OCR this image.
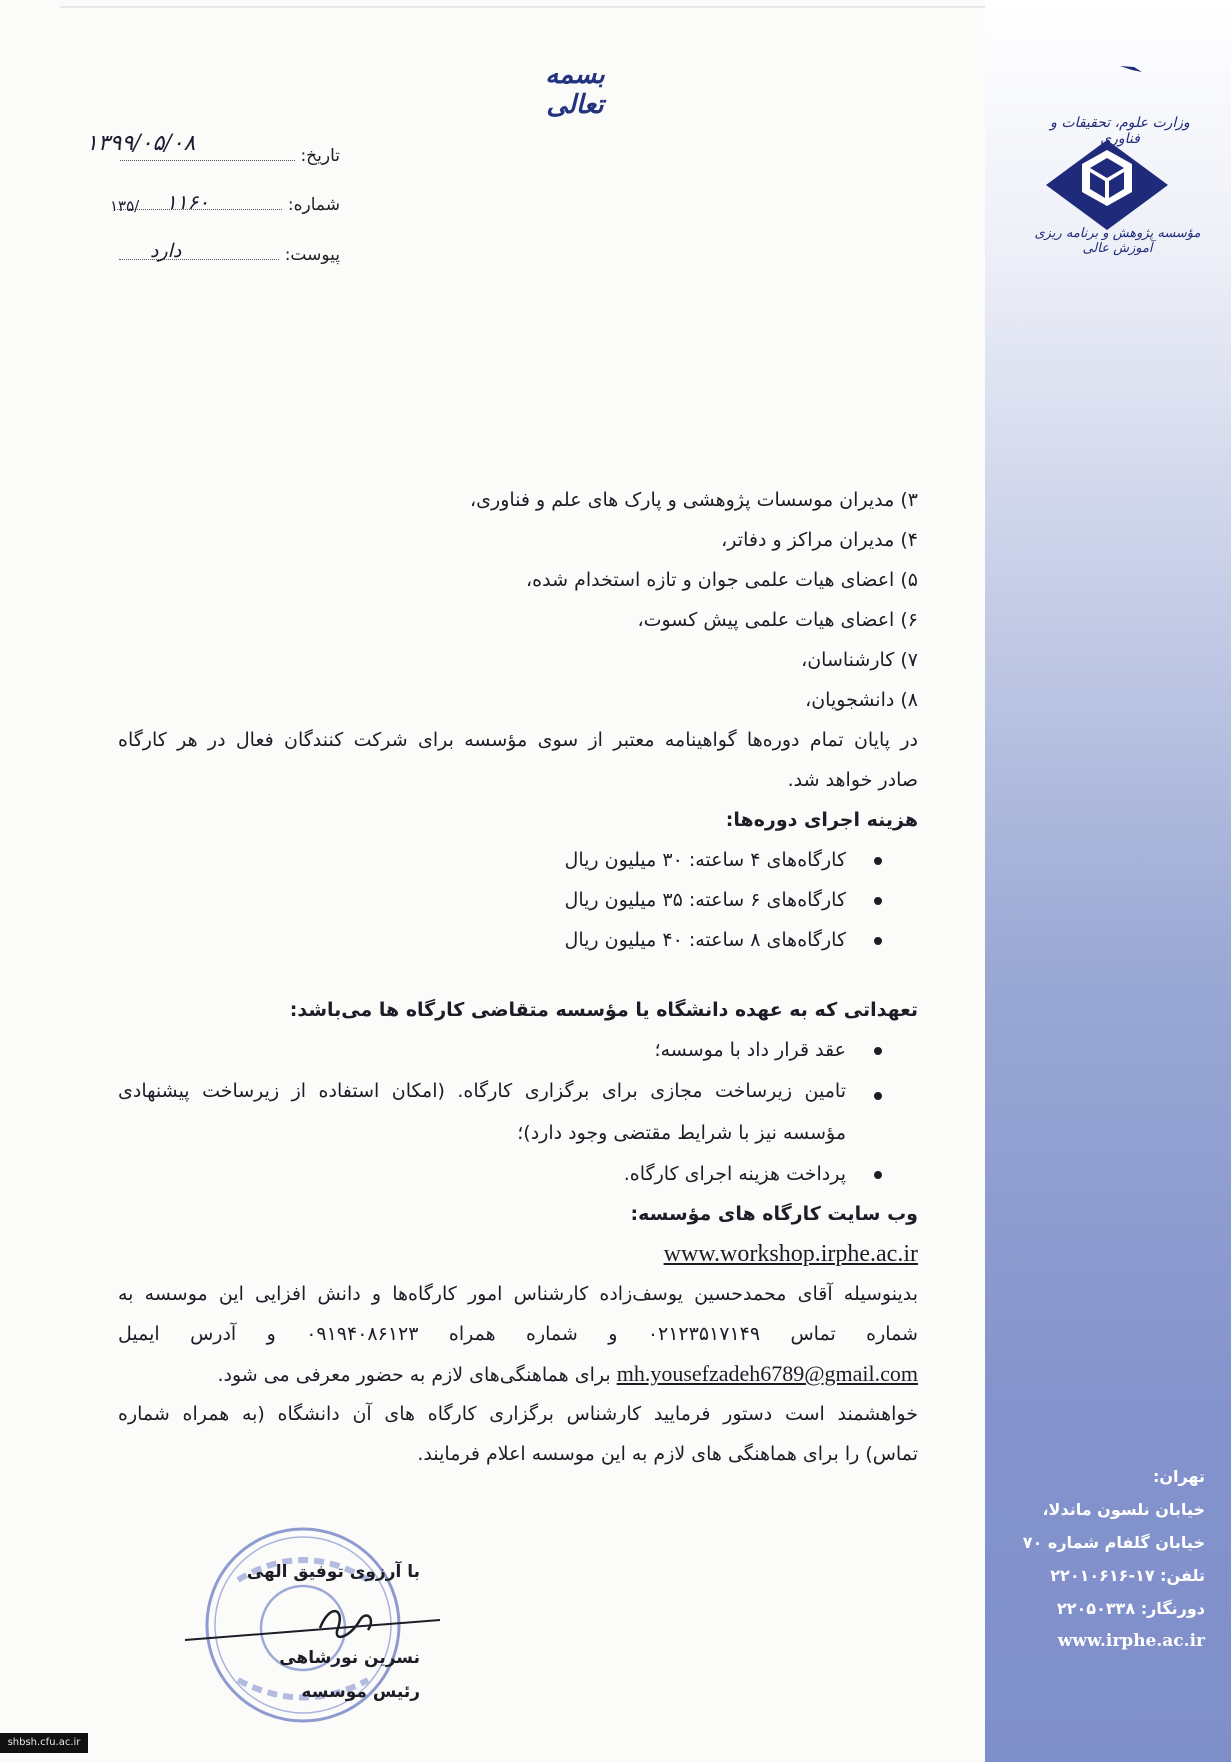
وزارت علوم، تحقیقات و فناوری
مؤسسه پژوهش و برنامه ریزی آموزش عالی
تهران:
خیابان نلسون ماندلا،
خیابان گلفام شماره ۷۰
تلفن: ۱۷-۲۲۰۱۰۶۱۶
دورنگار: ۲۲۰۵۰۳۳۸
www.irphe.ac.ir
بسمه تعالی
تاریخ:
۱۳۹۹/۰۵/۰۸
شماره:
۱۱۶۰
۱۳۵/
پیوست:
دارد
۳) مدیران موسسات پژوهشی و پارک های علم و فناوری،
۴) مدیران مراکز و دفاتر،
۵) اعضای هیات علمی جوان و تازه استخدام شده،
۶) اعضای هیات علمی پیش کسوت،
۷) کارشناسان،
۸) دانشجویان،
در پایان تمام دوره‌ها گواهینامه معتبر از سوی مؤسسه برای شرکت کنندگان فعال در هر کارگاه
صادر خواهد شد.
هزینه اجرای دوره‌ها:
کارگاه‌های ۴ ساعته: ۳۰ میلیون ریال
کارگاه‌های ۶ ساعته: ۳۵ میلیون ریال
کارگاه‌های ۸ ساعته: ۴۰ میلیون ریال
تعهداتی که به عهده دانشگاه یا مؤسسه متقاضی کارگاه ها می‌باشد:
عقد قرار داد با موسسه؛
تامین زیرساخت مجازی برای برگزاری کارگاه. (امکان استفاده از زیرساخت پیشنهادی
مؤسسه نیز با شرایط مقتضی وجود دارد)؛
پرداخت هزینه اجرای کارگاه.
وب سایت کارگاه های مؤسسه:
www.workshop.irphe.ac.ir
بدینوسیله آقای محمدحسین یوسف‌زاده کارشناس امور کارگاه‌ها و دانش افزایی این موسسه به
شماره تماس ۰۲۱۲۳۵۱۷۱۴۹ و شماره همراه ۰۹۱۹۴۰۸۶۱۲۳ و آدرس ایمیل
mh.yousefzadeh6789@gmail.com برای هماهنگی‌های لازم به حضور معرفی می شود.
خواهشمند است دستور فرمایید کارشناس برگزاری کارگاه های آن دانشگاه (به همراه شماره
تماس) را برای هماهنگی های لازم به این موسسه اعلام فرمایند.
با آرزوی توفیق الهی
نسرین نورشاهی
رئیس موسسه
shbsh.cfu.ac.ir
